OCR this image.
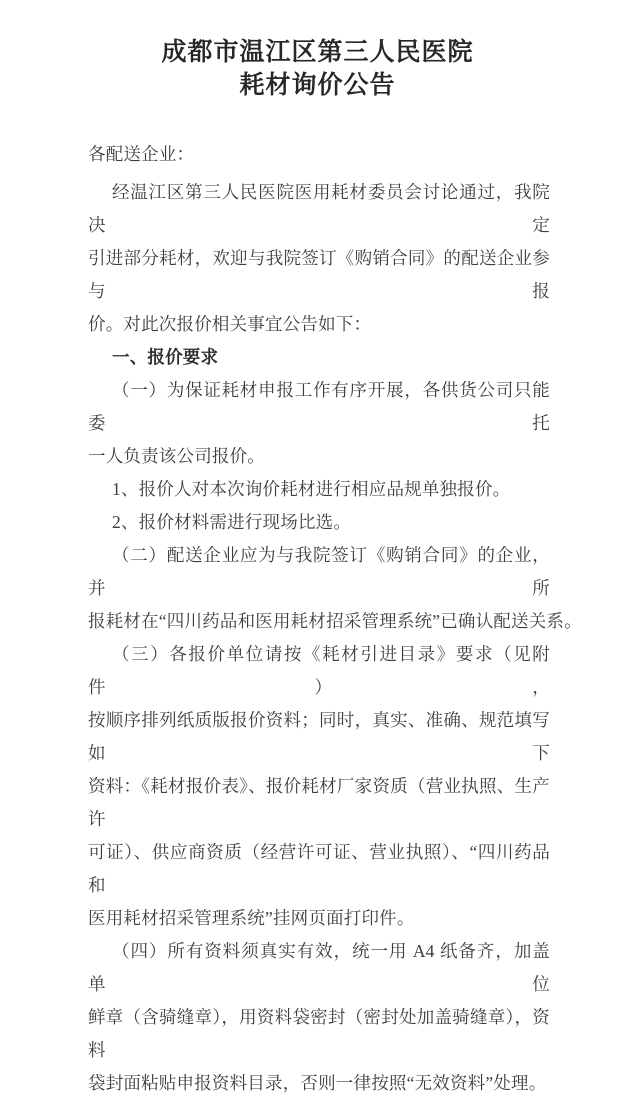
成都市温江区第三人民医院
耗材询价公告
各配送企业：
经温江区第三人民医院医用耗材委员会讨论通过，我院决定
引进部分耗材，欢迎与我院签订《购销合同》的配送企业参与报
价。对此次报价相关事宜公告如下：
一、报价要求
（一）为保证耗材申报工作有序开展，各供货公司只能委托
一人负责该公司报价。
1、报价人对本次询价耗材进行相应品规单独报价。
2、报价材料需进行现场比选。
（二）配送企业应为与我院签订《购销合同》的企业，并所
报耗材在“四川药品和医用耗材招采管理系统”已确认配送关系。
（三）各报价单位请按《耗材引进目录》要求（见附件），
按顺序排列纸质版报价资料；同时，真实、准确、规范填写如下
资料：《耗材报价表》、报价耗材厂家资质（营业执照、生产许
可证）、供应商资质（经营许可证、营业执照）、“四川药品和
医用耗材招采管理系统”挂网页面打印件。
（四）所有资料须真实有效，统一用 A4 纸备齐，加盖单位
鲜章（含骑缝章），用资料袋密封（密封处加盖骑缝章），资料
袋封面粘贴申报资料目录，否则一律按照“无效资料”处理。
